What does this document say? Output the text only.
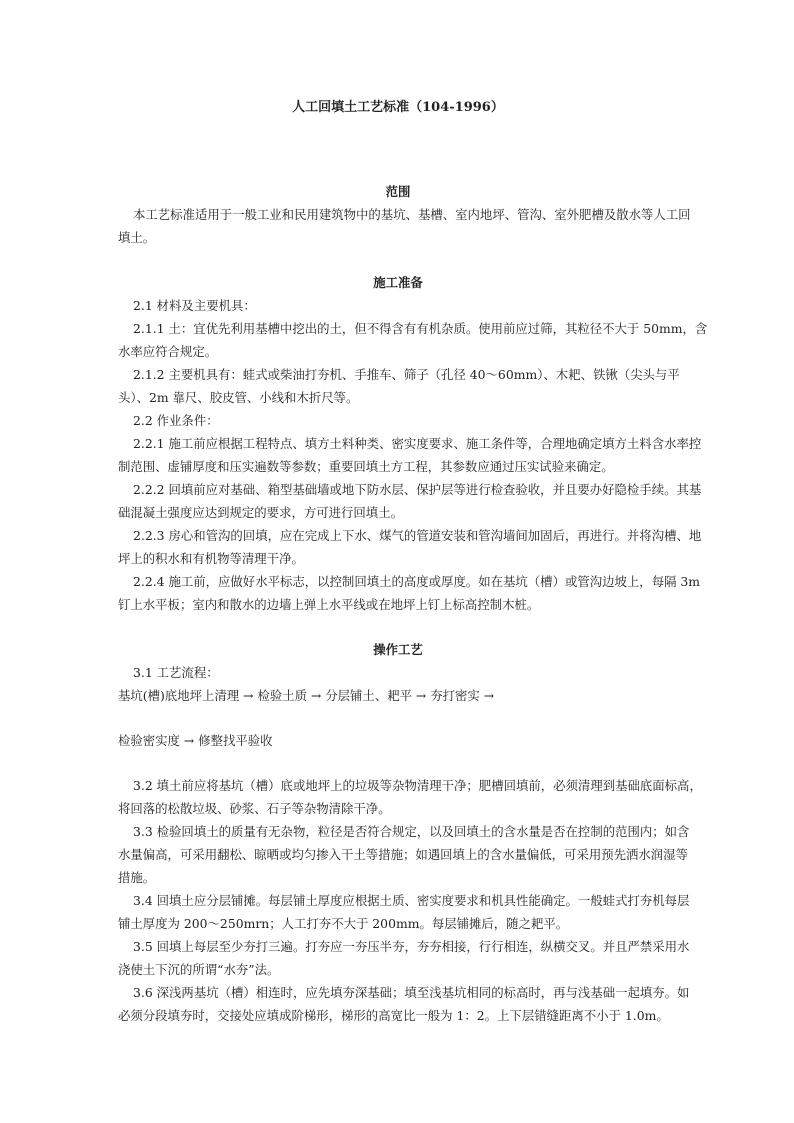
人工回填土工艺标准（104-1996）
范围
本工艺标准适用于一般工业和民用建筑物中的基坑、基槽、室内地坪、管沟、室外肥槽及散水等人工回
填土。
施工准备
2.1 材料及主要机具：
2.1.1 土：宜优先利用基槽中挖出的土，但不得含有有机杂质。使用前应过筛，其粒径不大于 50mm，含
水率应符合规定。
2.1.2 主要机具有：蛙式或柴油打夯机、手推车、筛子（孔径 40～60mm）、木耙、铁锹（尖头与平
头）、2m 靠尺、胶皮管、小线和木折尺等。
2.2 作业条件：
2.2.1 施工前应根据工程特点、填方土料种类、密实度要求、施工条件等，合理地确定填方土料含水率控
制范围、虚铺厚度和压实遍数等参数；重要回填土方工程，其参数应通过压实试验来确定。
2.2.2 回填前应对基础、箱型基础墙或地下防水层、保护层等进行检查验收，并且要办好隐检手续。其基
础混凝土强度应达到规定的要求，方可进行回填土。
2.2.3 房心和管沟的回填，应在完成上下水、煤气的管道安装和管沟墙间加固后，再进行。并将沟槽、地
坪上的积水和有机物等清理干净。
2.2.4 施工前，应做好水平标志，以控制回填土的高度或厚度。如在基坑（槽）或管沟边坡上，每隔 3m
钉上水平板；室内和散水的边墙上弹上水平线或在地坪上钉上标高控制木桩。
操作工艺
3.1 工艺流程：
基坑(槽)底地坪上清理 → 检验土质 → 分层铺土、耙平 → 夯打密实 →
检验密实度 → 修整找平验收
3.2 填土前应将基坑（槽）底或地坪上的垃圾等杂物清理干净；肥槽回填前，必须清理到基础底面标高，
将回落的松散垃圾、砂浆、石子等杂物清除干净。
3.3 检验回填土的质量有无杂物，粒径是否符合规定，以及回填土的含水量是否在控制的范围内；如含
水量偏高，可采用翻松、晾晒或均匀掺入干土等措施；如遇回填上的含水量偏低，可采用预先洒水润湿等
措施。
3.4 回填土应分层铺摊。每层铺土厚度应根据土质、密实度要求和机具性能确定。一般蛙式打夯机每层
铺土厚度为 200～250mrn；人工打夯不大于 200mm。每层铺摊后，随之耙平。
3.5 回填上每层至少夯打三遍。打夯应一夯压半夯，夯夯相接，行行相连，纵横交叉。并且严禁采用水
浇使土下沉的所谓“水夯”法。
3.6 深浅两基坑（槽）相连时，应先填夯深基础；填至浅基坑相同的标高时，再与浅基础一起填夯。如
必须分段填夯时，交接处应填成阶梯形，梯形的高宽比一般为 1：2。上下层错缝距离不小于 1.0m。
